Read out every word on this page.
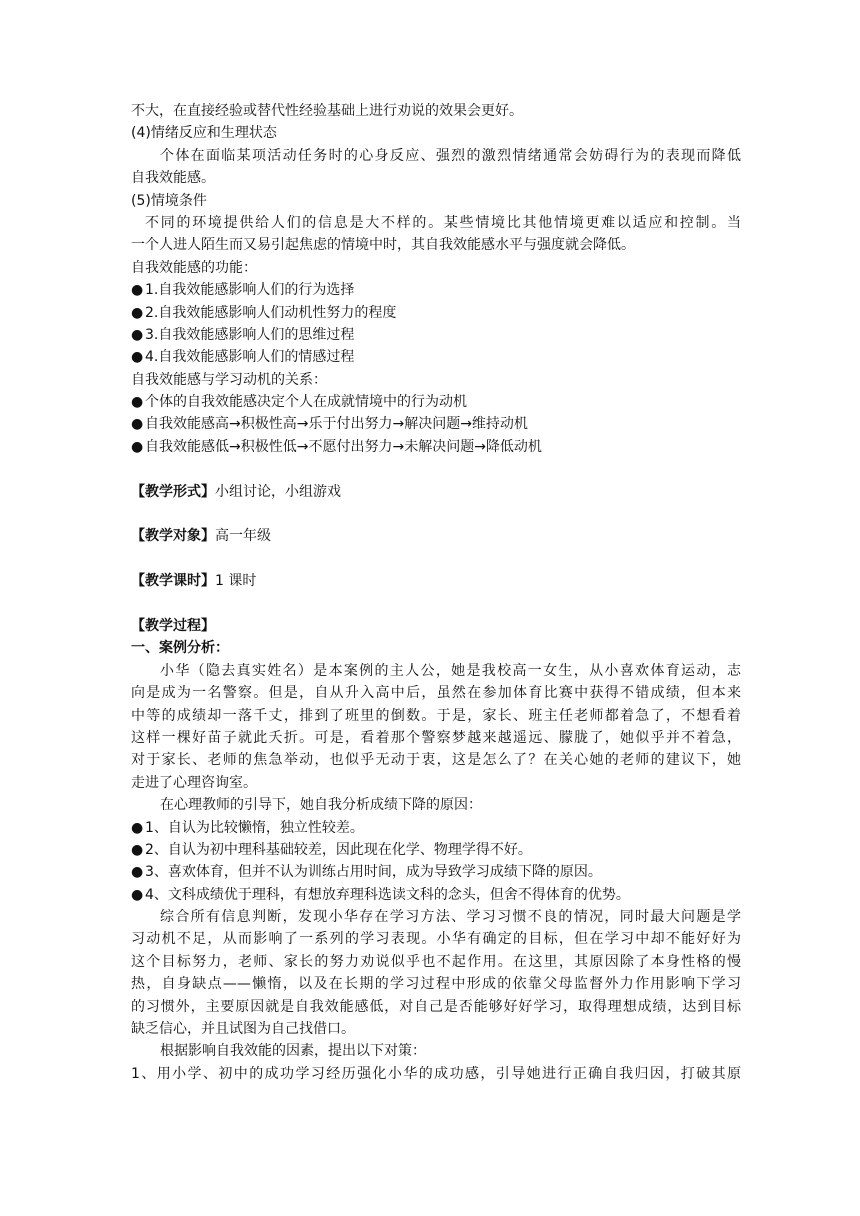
不大，在直接经验或替代性经验基础上进行劝说的效果会更好。
(4)情绪反应和生理状态
个体在面临某项活动任务时的心身反应、强烈的激烈情绪通常会妨碍行为的表现而降低
自我效能感。
(5)情境条件
不同的环境提供给人们的信息是大不样的。某些情境比其他情境更难以适应和控制。当
一个人进人陌生而又易引起焦虑的情境中时，其自我效能感水平与强度就会降低。
自我效能感的功能：
● 1.自我效能感影响人们的行为选择
● 2.自我效能感影响人们动机性努力的程度
● 3.自我效能感影响人们的思维过程
● 4.自我效能感影响人们的情感过程
自我效能感与学习动机的关系：
● 个体的自我效能感决定个人在成就情境中的行为动机
● 自我效能感高→积极性高→乐于付出努力→解决问题→维持动机
● 自我效能感低→积极性低→不愿付出努力→未解决问题→降低动机
【教学形式】小组讨论，小组游戏
【教学对象】高一年级
【教学课时】1 课时
【教学过程】
一、案例分析：
小华（隐去真实姓名）是本案例的主人公，她是我校高一女生，从小喜欢体育运动，志
向是成为一名警察。但是，自从升入高中后，虽然在参加体育比赛中获得不错成绩，但本来
中等的成绩却一落千丈，排到了班里的倒数。于是，家长、班主任老师都着急了，不想看着
这样一棵好苗子就此夭折。可是，看着那个警察梦越来越遥远、朦胧了，她似乎并不着急，
对于家长、老师的焦急举动，也似乎无动于衷，这是怎么了？在关心她的老师的建议下，她
走进了心理咨询室。
在心理教师的引导下，她自我分析成绩下降的原因：
● 1、自认为比较懒惰，独立性较差。
● 2、自认为初中理科基础较差，因此现在化学、物理学得不好。
● 3、喜欢体育，但并不认为训练占用时间，成为导致学习成绩下降的原因。
● 4、文科成绩优于理科，有想放弃理科选读文科的念头，但舍不得体育的优势。
综合所有信息判断，发现小华存在学习方法、学习习惯不良的情况，同时最大问题是学
习动机不足，从而影响了一系列的学习表现。小华有确定的目标，但在学习中却不能好好为
这个目标努力，老师、家长的努力劝说似乎也不起作用。在这里，其原因除了本身性格的慢
热，自身缺点——懒惰，以及在长期的学习过程中形成的依靠父母监督外力作用影响下学习
的习惯外，主要原因就是自我效能感低，对自己是否能够好好学习，取得理想成绩，达到目标
缺乏信心，并且试图为自己找借口。
根据影响自我效能的因素，提出以下对策：
1、用小学、初中的成功学习经历强化小华的成功感，引导她进行正确自我归因，打破其原
